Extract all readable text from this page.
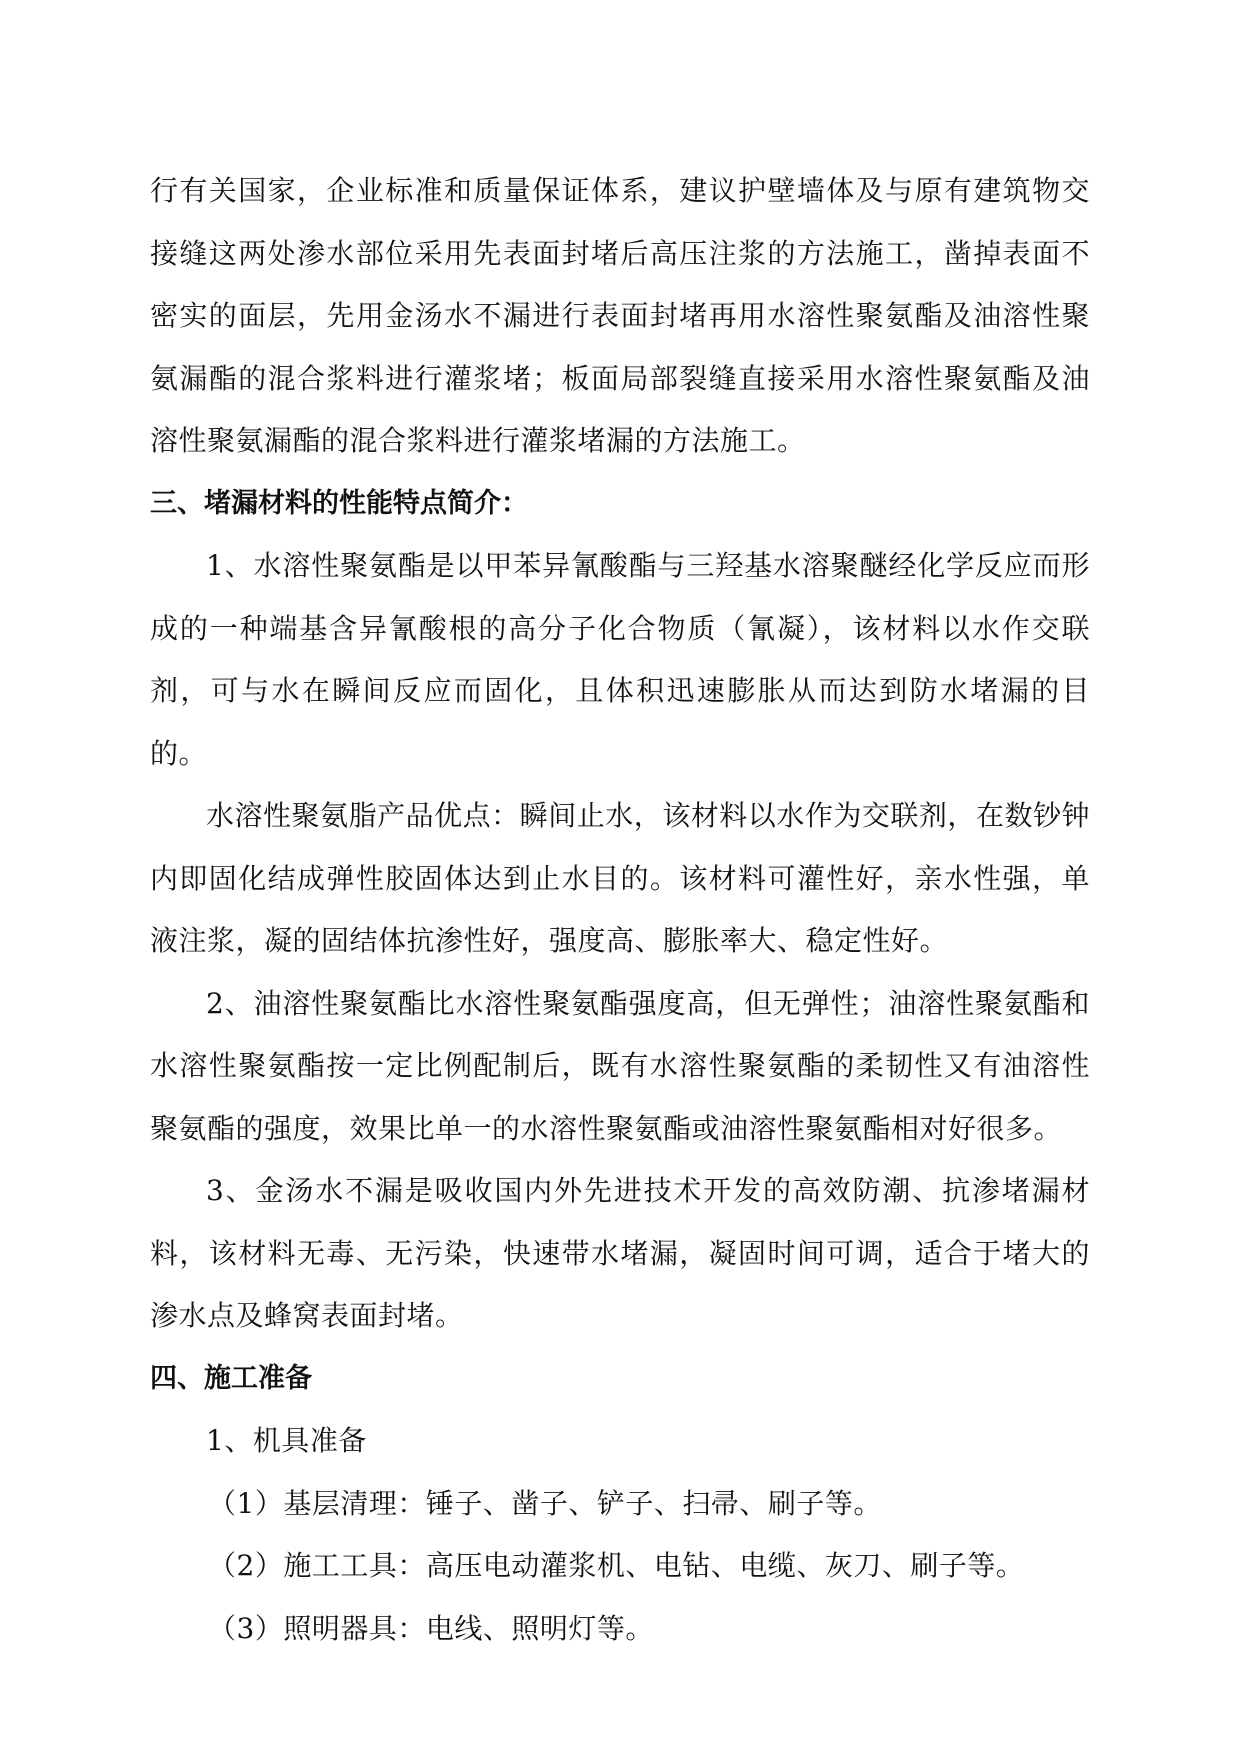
行有关国家，企业标准和质量保证体系，建议护壁墙体及与原有建筑物交接缝这两处渗水部位采用先表面封堵后高压注浆的方法施工，凿掉表面不密实的面层，先用金汤水不漏进行表面封堵再用水溶性聚氨酯及油溶性聚氨漏酯的混合浆料进行灌浆堵；板面局部裂缝直接采用水溶性聚氨酯及油溶性聚氨漏酯的混合浆料进行灌浆堵漏的方法施工。

三、堵漏材料的性能特点简介：

1、水溶性聚氨酯是以甲苯异氰酸酯与三羟基水溶聚醚经化学反应而形成的一种端基含异氰酸根的高分子化合物质（氰凝），该材料以水作交联剂，可与水在瞬间反应而固化，且体积迅速膨胀从而达到防水堵漏的目的。

水溶性聚氨脂产品优点：瞬间止水，该材料以水作为交联剂，在数钞钟内即固化结成弹性胶固体达到止水目的。该材料可灌性好，亲水性强，单液注浆，凝的固结体抗渗性好，强度高、膨胀率大、稳定性好。

2、油溶性聚氨酯比水溶性聚氨酯强度高，但无弹性；油溶性聚氨酯和水溶性聚氨酯按一定比例配制后，既有水溶性聚氨酯的柔韧性又有油溶性聚氨酯的强度，效果比单一的水溶性聚氨酯或油溶性聚氨酯相对好很多。

3、金汤水不漏是吸收国内外先进技术开发的高效防潮、抗渗堵漏材料，该材料无毒、无污染，快速带水堵漏，凝固时间可调，适合于堵大的渗水点及蜂窝表面封堵。

四、施工准备

1、机具准备

（1）基层清理：锤子、凿子、铲子、扫帚、刷子等。

（2）施工工具：高压电动灌浆机、电钻、电缆、灰刀、刷子等。

（3）照明器具：电线、照明灯等。
